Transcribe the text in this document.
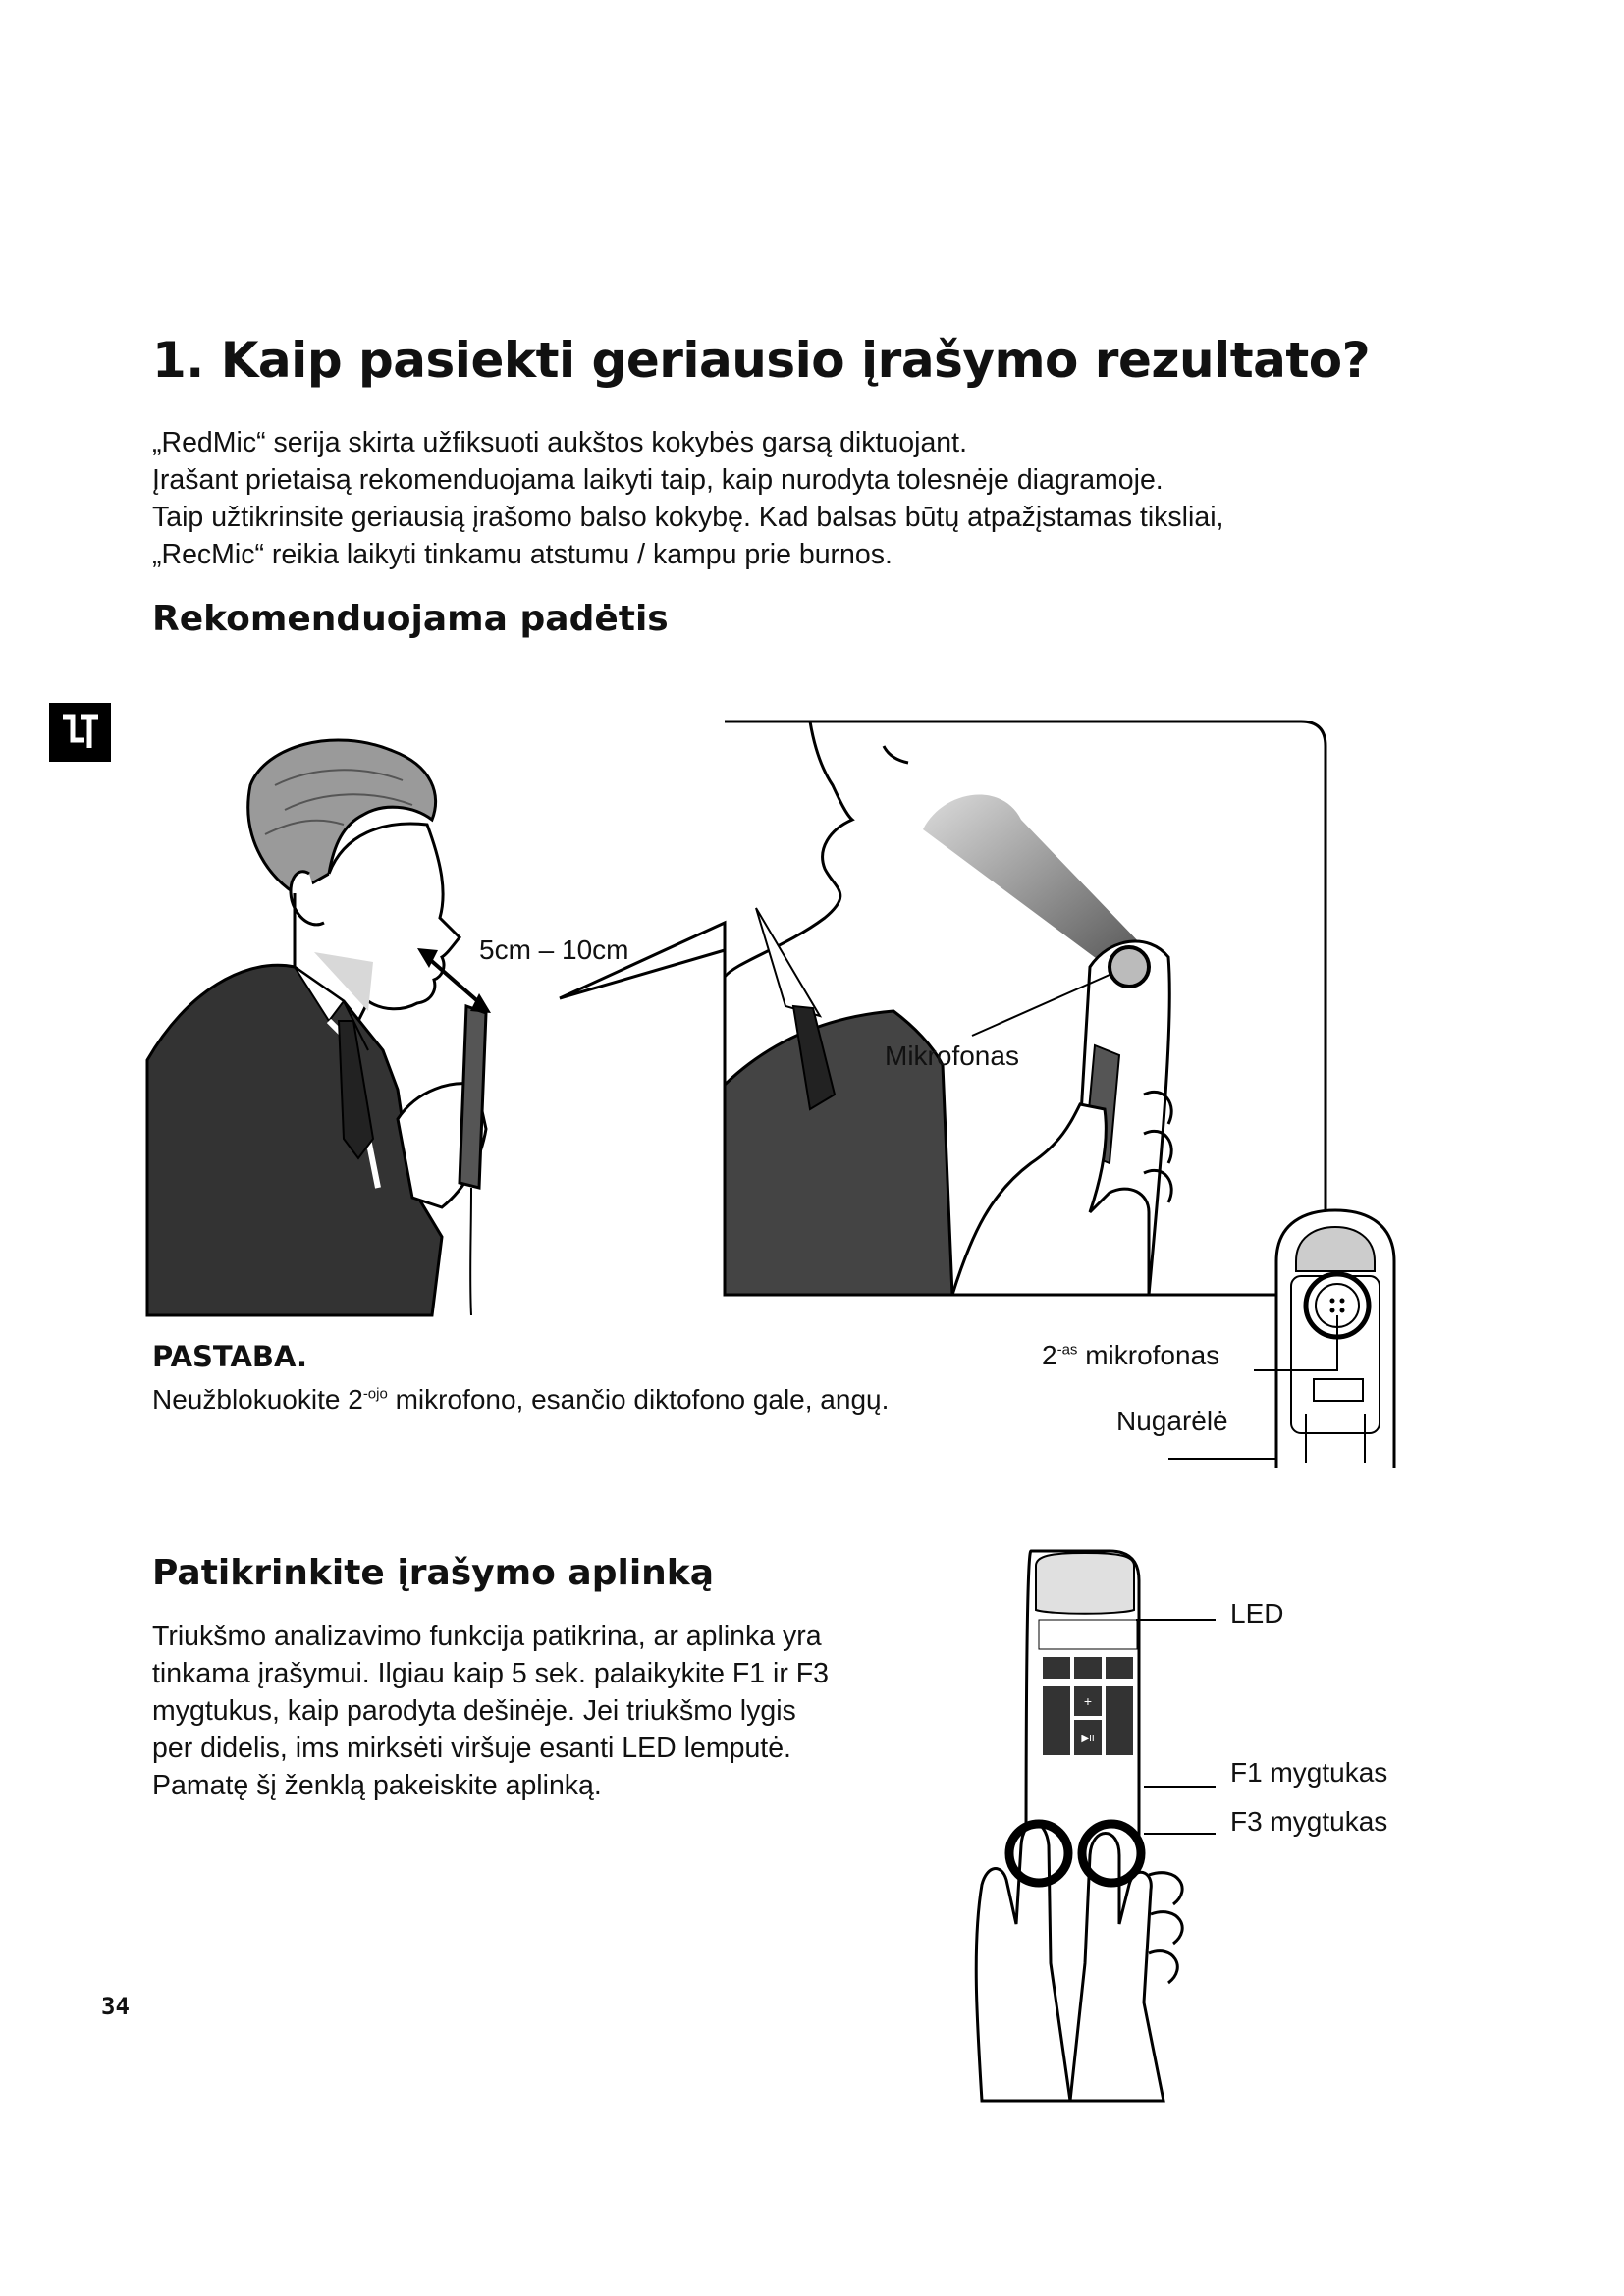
1. Kaip pasiekti geriausio įrašymo rezultato?

„RedMic“ serija skirta užfiksuoti aukštos kokybės garsą diktuojant.

Įrašant prietaisą rekomenduojama laikyti taip, kaip nurodyta tolesnėje diagramoje.

Taip užtikrinsite geriausią įrašomo balso kokybę. Kad balsas būtų atpažįstamas tiksliai,

„RecMic“ reikia laikyti tinkamu atstumu / kampu prie burnos.

Rekomenduojama padėtis
5cm – 10cm
Mikrofonas
$2^{-as}$ mikrofonas
Nugarėlė
PASTABA.
Neužblokuokite $2^{-ojo}$ mikrofono, esančio diktofono gale, angų.
Patikrinkite įrašymo aplinką

Triukšmo analizavimo funkcija patikrina, ar aplinka yra

tinkama įrašymui. Ilgiau kaip 5 sek. palaikykite F1 ir F3

mygtukus, kaip parodyta dešinėje. Jei triukšmo lygis

per didelis, ims mirksėti viršuje esanti LED lemputė.

Pamatę šį ženklą pakeiskite aplinką.

▶II
+
LED
F1 mygtukas
F3 mygtukas
34
